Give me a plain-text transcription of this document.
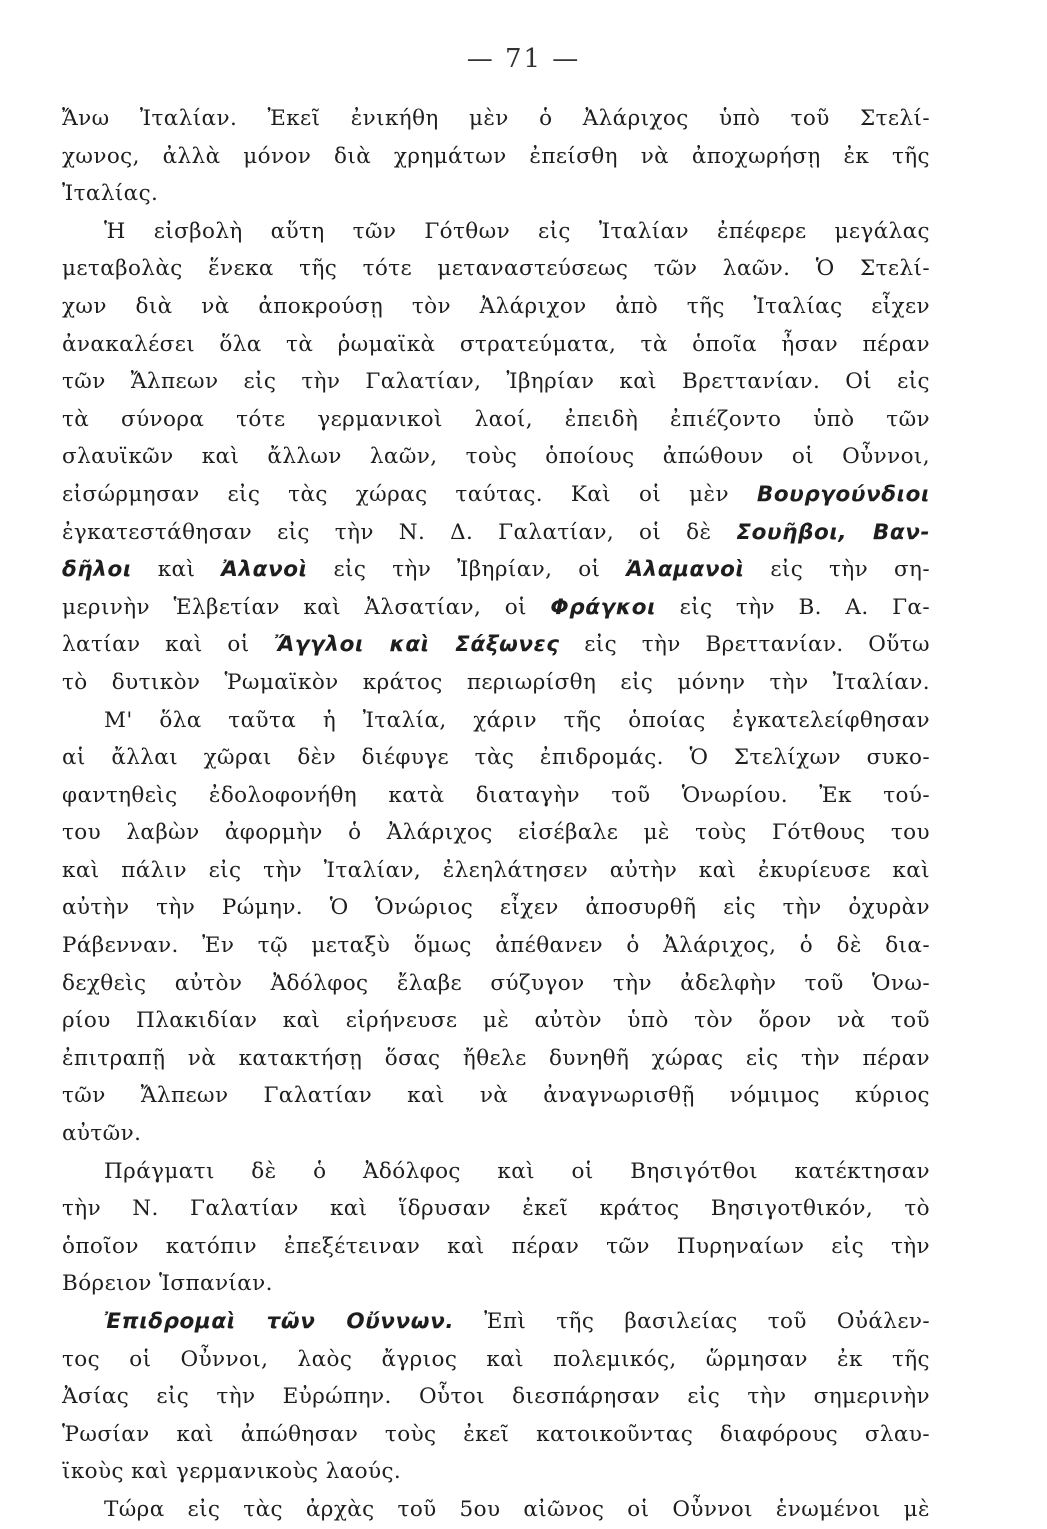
— 71 —
Ἄνω Ἰταλίαν. Ἐκεῖ ἐνικήθη μὲν ὁ Ἀλάριχος ὑπὸ τοῦ Στελί-
χωνος, ἀλλὰ μόνον διὰ χρημάτων ἐπείσθη νὰ ἀποχωρήσῃ ἐκ τῆς
Ἰταλίας.
Ἡ εἰσβολὴ αὕτη τῶν Γότθων εἰς Ἰταλίαν ἐπέφερε μεγάλας
μεταβολὰς ἕνεκα τῆς τότε μεταναστεύσεως τῶν λαῶν. Ὁ Στελί-
χων διὰ νὰ ἀποκρούσῃ τὸν Ἀλάριχον ἀπὸ τῆς Ἰταλίας εἶχεν
ἀνακαλέσει ὅλα τὰ ῥωμαϊκὰ στρατεύματα, τὰ ὁποῖα ἦσαν πέραν
τῶν Ἄλπεων εἰς τὴν Γαλατίαν, Ἰβηρίαν καὶ Βρεττανίαν. Οἱ εἰς
τὰ σύνορα τότε γερμανικοὶ λαοί, ἐπειδὴ ἐπιέζοντο ὑπὸ τῶν
σλαυϊκῶν καὶ ἄλλων λαῶν, τοὺς ὁποίους ἀπώθουν οἱ Οὖννοι,
εἰσώρμησαν εἰς τὰς χώρας ταύτας. Καὶ οἱ μὲν Βουργούνδιοι
ἐγκατεστάθησαν εἰς τὴν Ν. Δ. Γαλατίαν, οἱ δὲ Σουῆβοι, Βαν-
δῆλοι καὶ Ἀλανοὶ εἰς τὴν Ἰβηρίαν, οἱ Ἀλαμανοὶ εἰς τὴν ση-
μερινὴν Ἑλβετίαν καὶ Ἀλσατίαν, οἱ Φράγκοι εἰς τὴν Β. Α. Γα-
λατίαν καὶ οἱ Ἄγγλοι καὶ Σάξωνες εἰς τὴν Βρεττανίαν. Οὕτω
τὸ δυτικὸν Ῥωμαϊκὸν κράτος περιωρίσθη εἰς μόνην τὴν Ἰταλίαν.
Μ' ὅλα ταῦτα ἡ Ἰταλία, χάριν τῆς ὁποίας ἐγκατελείφθησαν
αἱ ἄλλαι χῶραι δὲν διέφυγε τὰς ἐπιδρομάς. Ὁ Στελίχων συκο-
φαντηθεὶς ἐδολοφονήθη κατὰ διαταγὴν τοῦ Ὁνωρίου. Ἐκ τού-
του λαβὼν ἀφορμὴν ὁ Ἀλάριχος εἰσέβαλε μὲ τοὺς Γότθους του
καὶ πάλιν εἰς τὴν Ἰταλίαν, ἐλεηλάτησεν αὐτὴν καὶ ἐκυρίευσε καὶ
αὐτὴν τὴν Ρώμην. Ὁ Ὁνώριος εἶχεν ἀποσυρθῆ εἰς τὴν ὀχυρὰν
Ράβενναν. Ἐν τῷ μεταξὺ ὅμως ἀπέθανεν ὁ Ἀλάριχος, ὁ δὲ δια-
δεχθεὶς αὐτὸν Ἀδόλφος ἔλαβε σύζυγον τὴν ἀδελφὴν τοῦ Ὁνω-
ρίου Πλακιδίαν καὶ εἰρήνευσε μὲ αὐτὸν ὑπὸ τὸν ὅρον νὰ τοῦ
ἐπιτραπῇ νὰ κατακτήσῃ ὅσας ἤθελε δυνηθῆ χώρας εἰς τὴν πέραν
τῶν Ἄλπεων Γαλατίαν καὶ νὰ ἀναγνωρισθῇ νόμιμος κύριος
αὐτῶν.
Πράγματι δὲ ὁ Ἀδόλφος καὶ οἱ Βησιγότθοι κατέκτησαν
τὴν Ν. Γαλατίαν καὶ ἵδρυσαν ἐκεῖ κράτος Βησιγοτθικόν, τὸ
ὁποῖον κατόπιν ἐπεξέτειναν καὶ πέραν τῶν Πυρηναίων εἰς τὴν
Βόρειον Ἱσπανίαν.
Ἐπιδρομαὶ τῶν Οὔννων. Ἐπὶ τῆς βασιλείας τοῦ Οὐάλεν-
τος οἱ Οὖννοι, λαὸς ἄγριος καὶ πολεμικός, ὥρμησαν ἐκ τῆς
Ἀσίας εἰς τὴν Εὐρώπην. Οὗτοι διεσπάρησαν εἰς τὴν σημερινὴν
Ῥωσίαν καὶ ἀπώθησαν τοὺς ἐκεῖ κατοικοῦντας διαφόρους σλαυ-
ϊκοὺς καὶ γερμανικοὺς λαούς.
Τώρα εἰς τὰς ἀρχὰς τοῦ 5ου αἰῶνος οἱ Οὖννοι ἑνωμένοι μὲ
